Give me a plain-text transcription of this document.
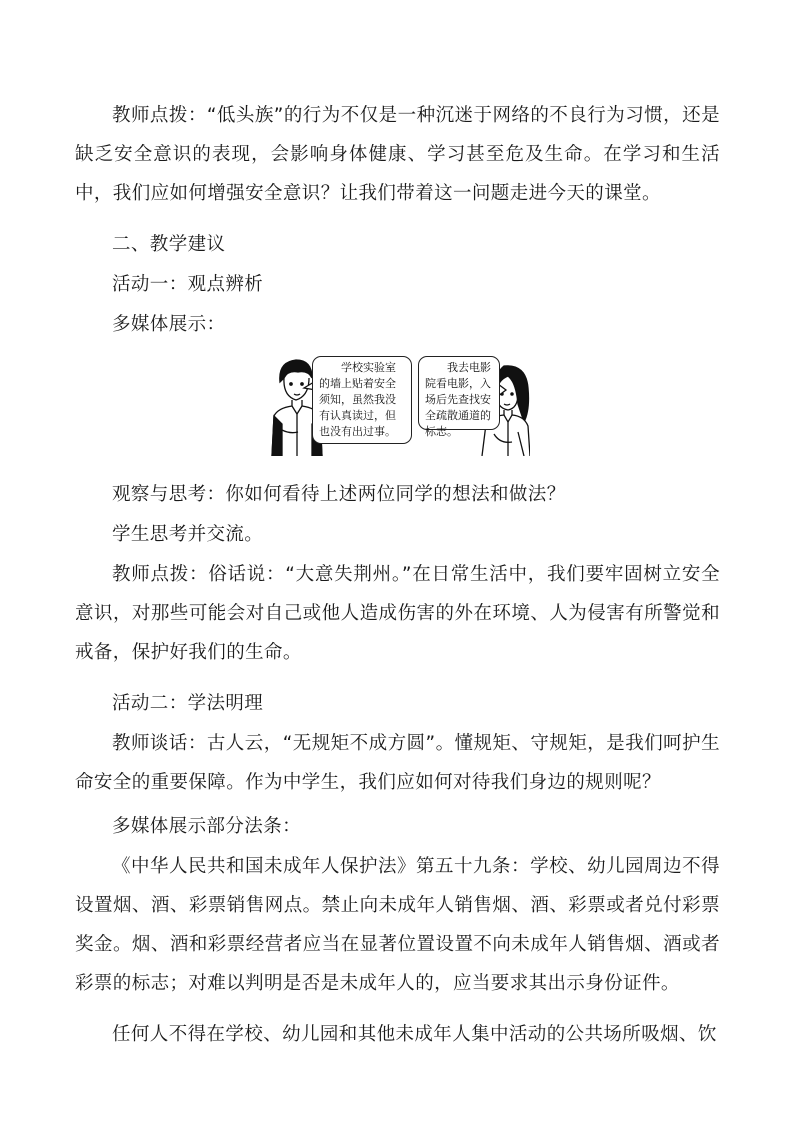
教师点拨：“低头族”的行为不仅是一种沉迷于网络的不良行为习惯，还是缺乏安全意识的表现，会影响身体健康、学习甚至危及生命。在学习和生活中，我们应如何增强安全意识？让我们带着这一问题走进今天的课堂。

二、教学建议

活动一：观点辨析

多媒体展示：

学校实验室的墙上贴着安全须知，虽然我没有认真读过，但也没有出过事。
我去电影院看电影，入场后先查找安全疏散通道的标志。

观察与思考：你如何看待上述两位同学的想法和做法？

学生思考并交流。

教师点拨：俗话说：“大意失荆州。”在日常生活中，我们要牢固树立安全意识，对那些可能会对自己或他人造成伤害的外在环境、人为侵害有所警觉和戒备，保护好我们的生命。

活动二：学法明理

教师谈话：古人云，“无规矩不成方圆”。懂规矩、守规矩，是我们呵护生命安全的重要保障。作为中学生，我们应如何对待我们身边的规则呢？

多媒体展示部分法条：

《中华人民共和国未成年人保护法》第五十九条：学校、幼儿园周边不得设置烟、酒、彩票销售网点。禁止向未成年人销售烟、酒、彩票或者兑付彩票奖金。烟、酒和彩票经营者应当在显著位置设置不向未成年人销售烟、酒或者彩票的标志；对难以判明是否是未成年人的，应当要求其出示身份证件。

任何人不得在学校、幼儿园和其他未成年人集中活动的公共场所吸烟、饮
